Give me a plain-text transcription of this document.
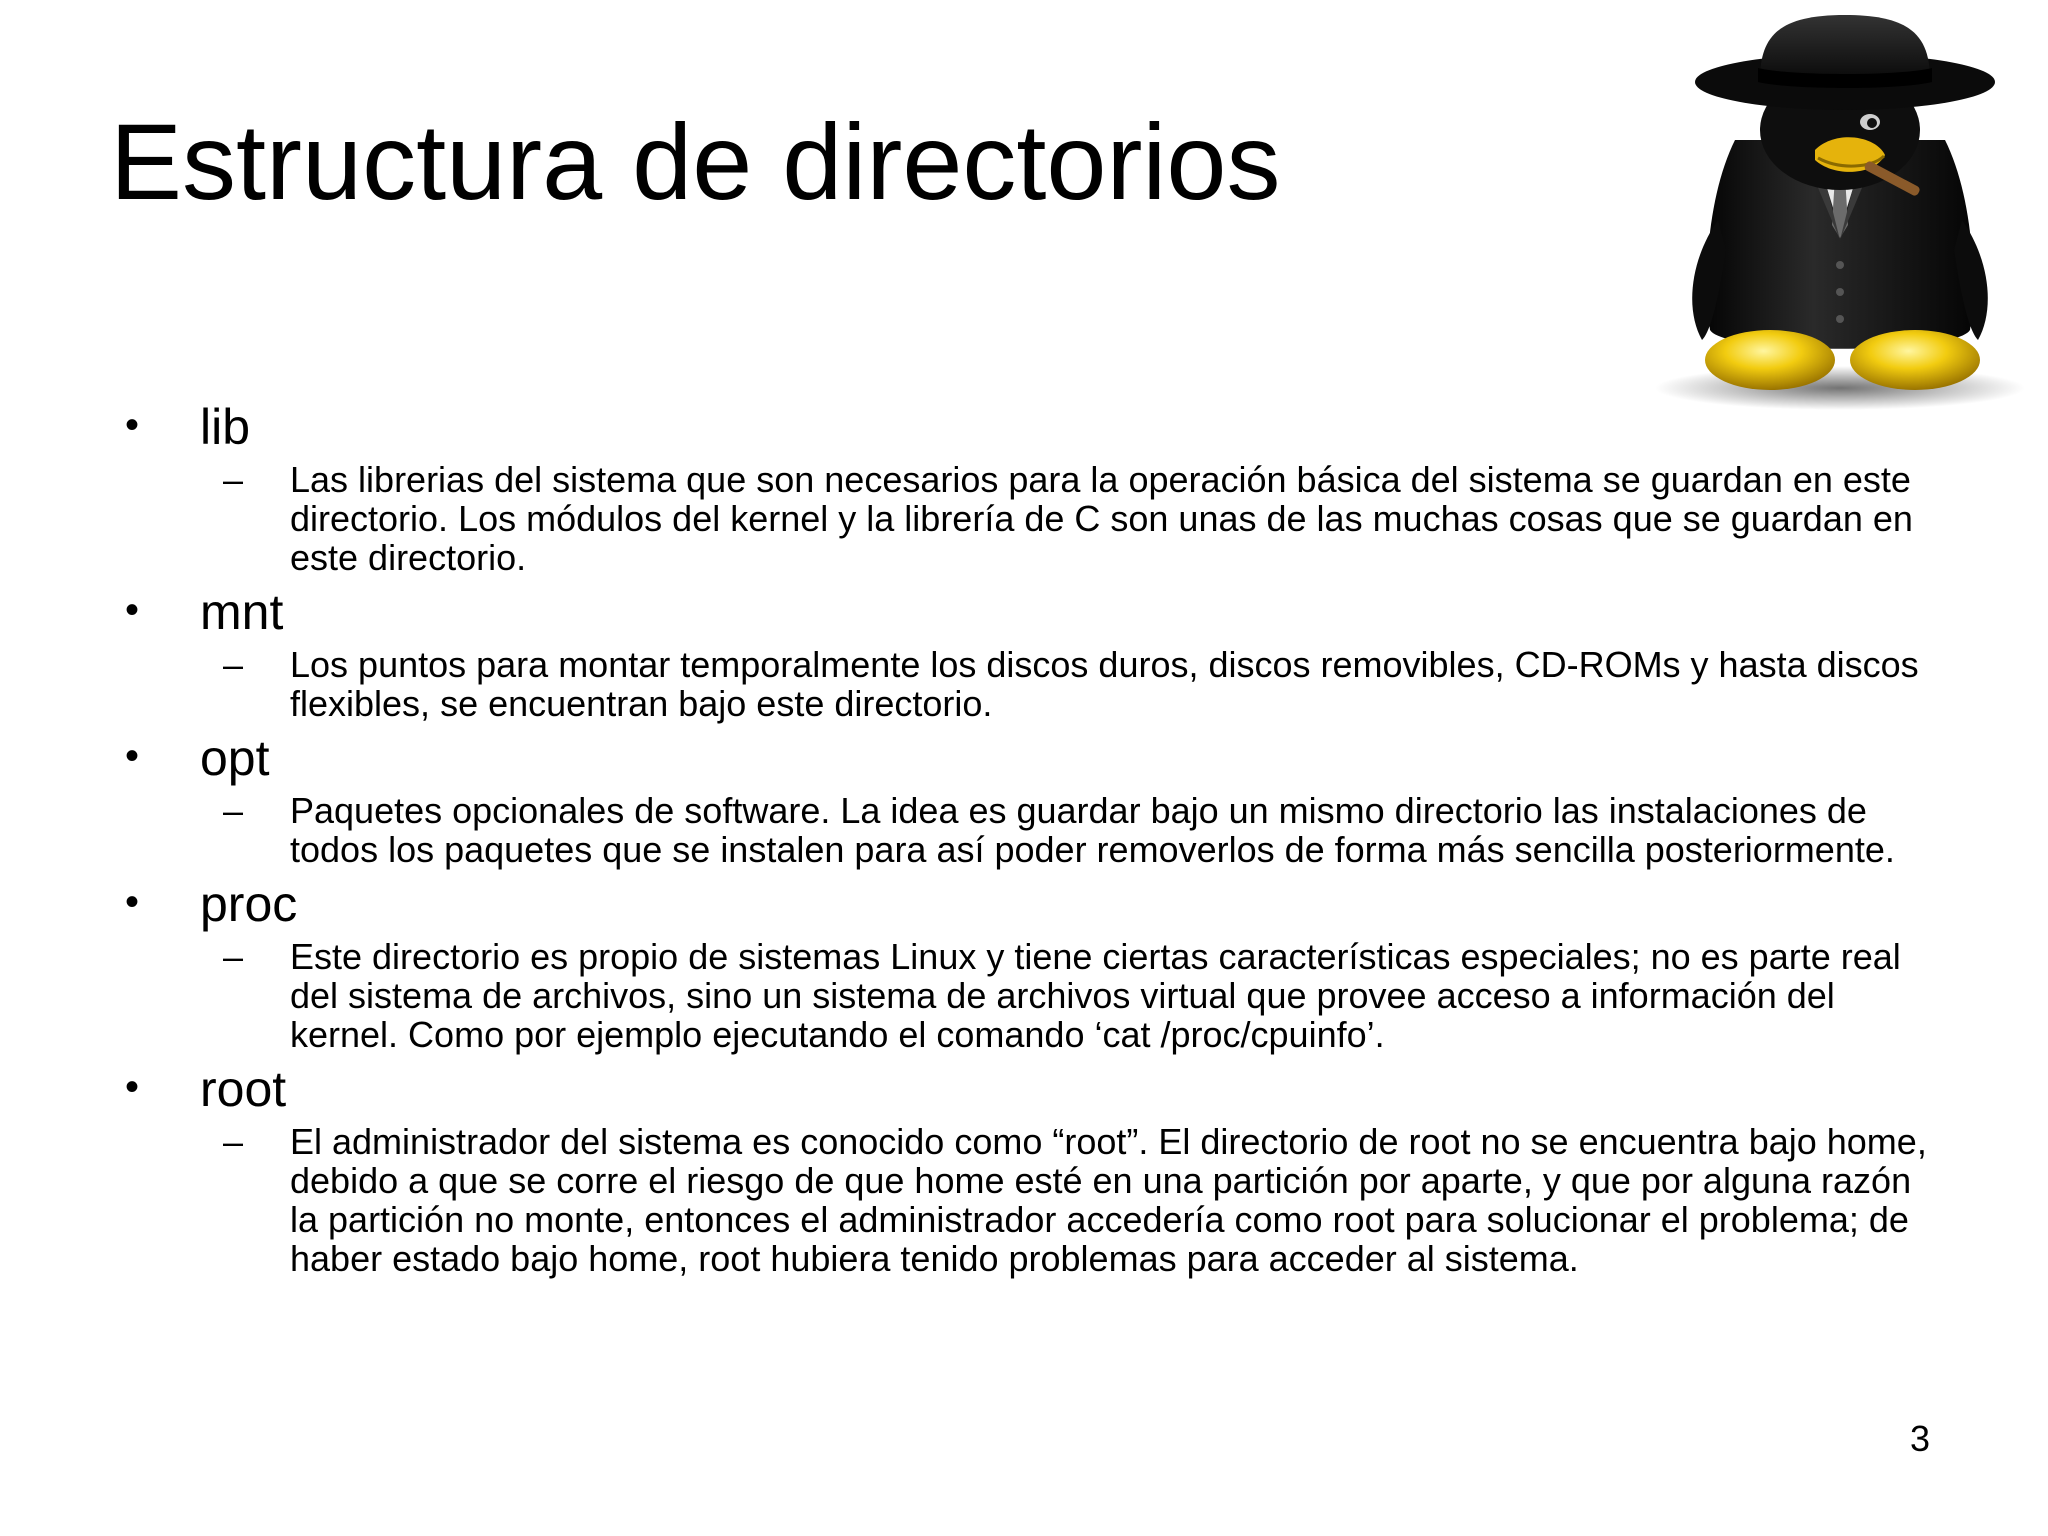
Estructura de directorios
• lib
– Las librerias del sistema que son necesarios para la operación básica del sistema se guardan en este directorio. Los módulos del kernel y la librería de C son unas de las muchas cosas que se guardan en este directorio.
• mnt
– Los puntos para montar temporalmente los discos duros, discos removibles, CD-ROMs y hasta discos flexibles, se encuentran bajo este directorio.
• opt
– Paquetes opcionales de software. La idea es guardar bajo un mismo directorio las instalaciones de todos los paquetes que se instalen para así poder removerlos de forma más sencilla posteriormente.
• proc
– Este directorio es propio de sistemas Linux y tiene ciertas características especiales; no es parte real del sistema de archivos, sino un sistema de archivos virtual que provee acceso a información del kernel. Como por ejemplo ejecutando el comando ‘cat /proc/cpuinfo’.
• root
– El administrador del sistema es conocido como “root”. El directorio de root no se encuentra bajo home, debido a que se corre el riesgo de que home esté en una partición por aparte, y que por alguna razón la partición no monte, entonces el administrador accedería como root para solucionar el problema; de haber estado bajo home, root hubiera tenido problemas para acceder al sistema.
3
